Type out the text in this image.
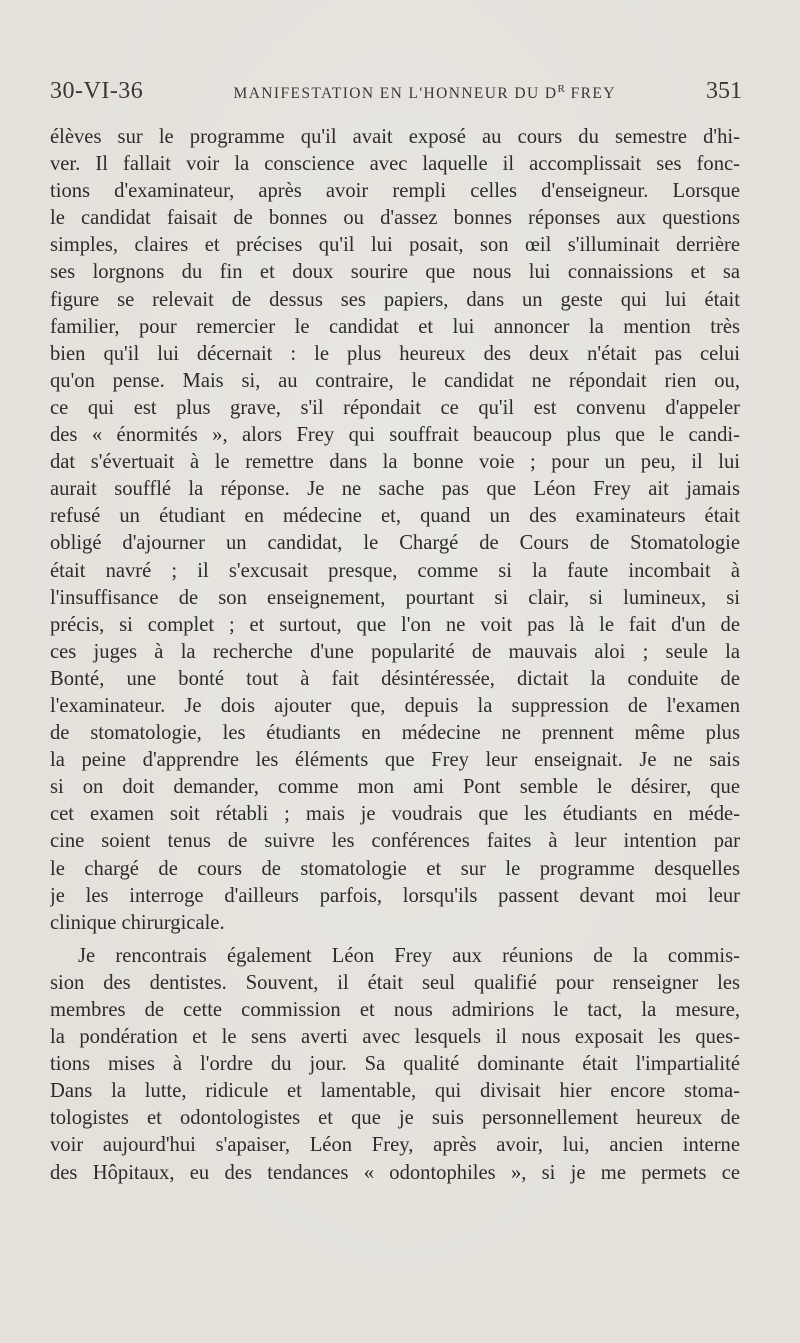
30-VI-36	MANIFESTATION EN L'HONNEUR DU $D^R$ FREY	351
élèves sur le programme qu'il avait exposé au cours du semestre d'hi-
ver. Il fallait voir la conscience avec laquelle il accomplissait ses fonc-
tions d'examinateur, après avoir rempli celles d'enseigneur. Lorsque
le candidat faisait de bonnes ou d'assez bonnes réponses aux questions
simples, claires et précises qu'il lui posait, son œil s'illuminait derrière
ses lorgnons du fin et doux sourire que nous lui connaissions et sa
figure se relevait de dessus ses papiers, dans un geste qui lui était
familier, pour remercier le candidat et lui annoncer la mention très
bien qu'il lui décernait : le plus heureux des deux n'était pas celui
qu'on pense. Mais si, au contraire, le candidat ne répondait rien ou,
ce qui est plus grave, s'il répondait ce qu'il est convenu d'appeler
des « énormités », alors Frey qui souffrait beaucoup plus que le candi-
dat s'évertuait à le remettre dans la bonne voie ; pour un peu, il lui
aurait soufflé la réponse. Je ne sache pas que Léon Frey ait jamais
refusé un étudiant en médecine et, quand un des examinateurs était
obligé d'ajourner un candidat, le Chargé de Cours de Stomatologie
était navré ; il s'excusait presque, comme si la faute incombait à
l'insuffisance de son enseignement, pourtant si clair, si lumineux, si
précis, si complet ; et surtout, que l'on ne voit pas là le fait d'un de
ces juges à la recherche d'une popularité de mauvais aloi ; seule la
Bonté, une bonté tout à fait désintéressée, dictait la conduite de
l'examinateur. Je dois ajouter que, depuis la suppression de l'examen
de stomatologie, les étudiants en médecine ne prennent même plus
la peine d'apprendre les éléments que Frey leur enseignait. Je ne sais
si on doit demander, comme mon ami Pont semble le désirer, que
cet examen soit rétabli ; mais je voudrais que les étudiants en méde-
cine soient tenus de suivre les conférences faites à leur intention par
le chargé de cours de stomatologie et sur le programme desquelles
je les interroge d'ailleurs parfois, lorsqu'ils passent devant moi leur
clinique chirurgicale.
Je rencontrais également Léon Frey aux réunions de la commis-
sion des dentistes. Souvent, il était seul qualifié pour renseigner les
membres de cette commission et nous admirions le tact, la mesure,
la pondération et le sens averti avec lesquels il nous exposait les ques-
tions mises à l'ordre du jour. Sa qualité dominante était l'impartialité
Dans la lutte, ridicule et lamentable, qui divisait hier encore stoma-
tologistes et odontologistes et que je suis personnellement heureux de
voir aujourd'hui s'apaiser, Léon Frey, après avoir, lui, ancien interne
des Hôpitaux, eu des tendances « odontophiles », si je me permets ce
